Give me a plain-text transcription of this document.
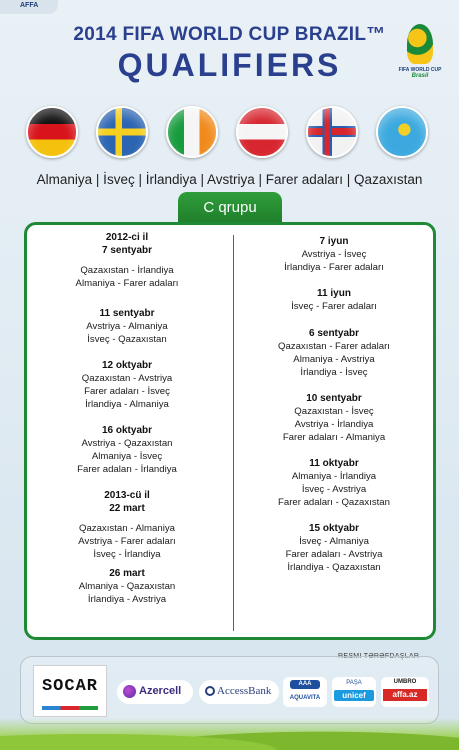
AFFA
2014 FIFA WORLD CUP BRAZIL™
QUALIFIERS	FIFA WORLD CUP
Brasil
Almaniya | İsveç | İrlandiya | Avstriya | Farer adaları | Qazaxıstan
C qrupu
2012-ci il
7 sentyabr
Qazaxıstan - İrlandiya
Almaniya - Farer adaları
11 sentyabr
Avstriya - Almaniya
İsveç - Qazaxıstan
12 oktyabr
Qazaxıstan - Avstriya
Farer adaları - İsveç
İrlandiya - Almaniya
16 oktyabr
Avstriya - Qazaxıstan
Almaniya - İsveç
Farer adaları - İrlandiya
2013-cü il
22 mart
Qazaxıstan - Almaniya
Avstriya - Farer adaları
İsveç - İrlandiya
26 mart
Almaniya - Qazaxıstan
İrlandiya - Avstriya
7 iyun
Avstriya - İsveç
İrlandiya - Farer adaları
11 iyun
İsveç - Farer adaları
6 sentyabr
Qazaxıstan - Farer adaları
Almaniya - Avstriya
İrlandiya - İsveç
10 sentyabr
Qazaxıstan - İsveç
Avstriya - İrlandiya
Farer adaları - Almaniya
11 oktyabr
Almaniya - İrlandiya
İsveç - Avstriya
Farer adaları - Qazaxıstan
15 oktyabr
İsveç - Almaniya
Farer adaları - Avstriya
İrlandiya - Qazaxıstan
RESMI TƏRƏFDAŞLAR
SOCAR	Azercell	AccessBank
AAA
AQUAVITA
PAŞA
unicef
UMBRO
affa.az
